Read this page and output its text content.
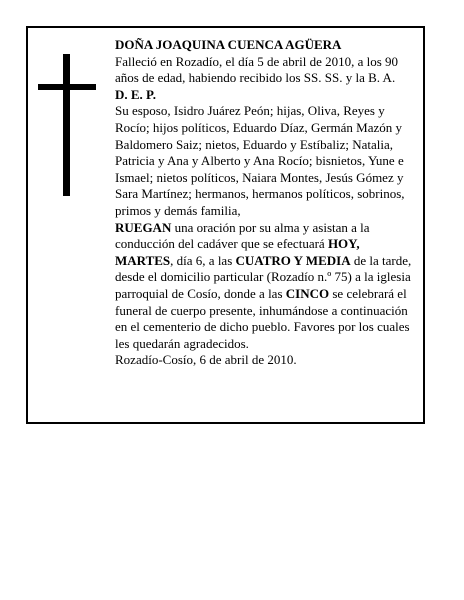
DOÑA JOAQUINA CUENCA AGÜERA

Falleció en Rozadío, el día 5 de abril de 2010, a los 90 años de edad, habiendo recibido los SS. SS. y la B. A.

D. E. P.

Su esposo, Isidro Juárez Peón; hijas, Oliva, Reyes y Rocío; hijos políticos, Eduardo Díaz, Germán Mazón y Baldomero Saiz; nietos, Eduardo y Estíbaliz; Natalia, Patricia y Ana y Alberto y Ana Rocío; bisnietos, Yune e Ismael; nietos políticos, Naiara Montes, Jesús Gómez y Sara Martínez; hermanos, hermanos políticos, sobrinos, primos y demás familia,

RUEGAN una oración por su alma y asistan a la conducción del cadáver que se efectuará HOY, MARTES, día 6, a las CUATRO Y MEDIA de la tarde, desde el domicilio particular (Rozadío n.º 75) a la iglesia parroquial de Cosío, donde a las CINCO se celebrará el funeral de cuerpo presente, inhumándose a continuación en el cementerio de dicho pueblo. Favores por los cuales les quedarán agradecidos.

Rozadío-Cosío, 6 de abril de 2010.
